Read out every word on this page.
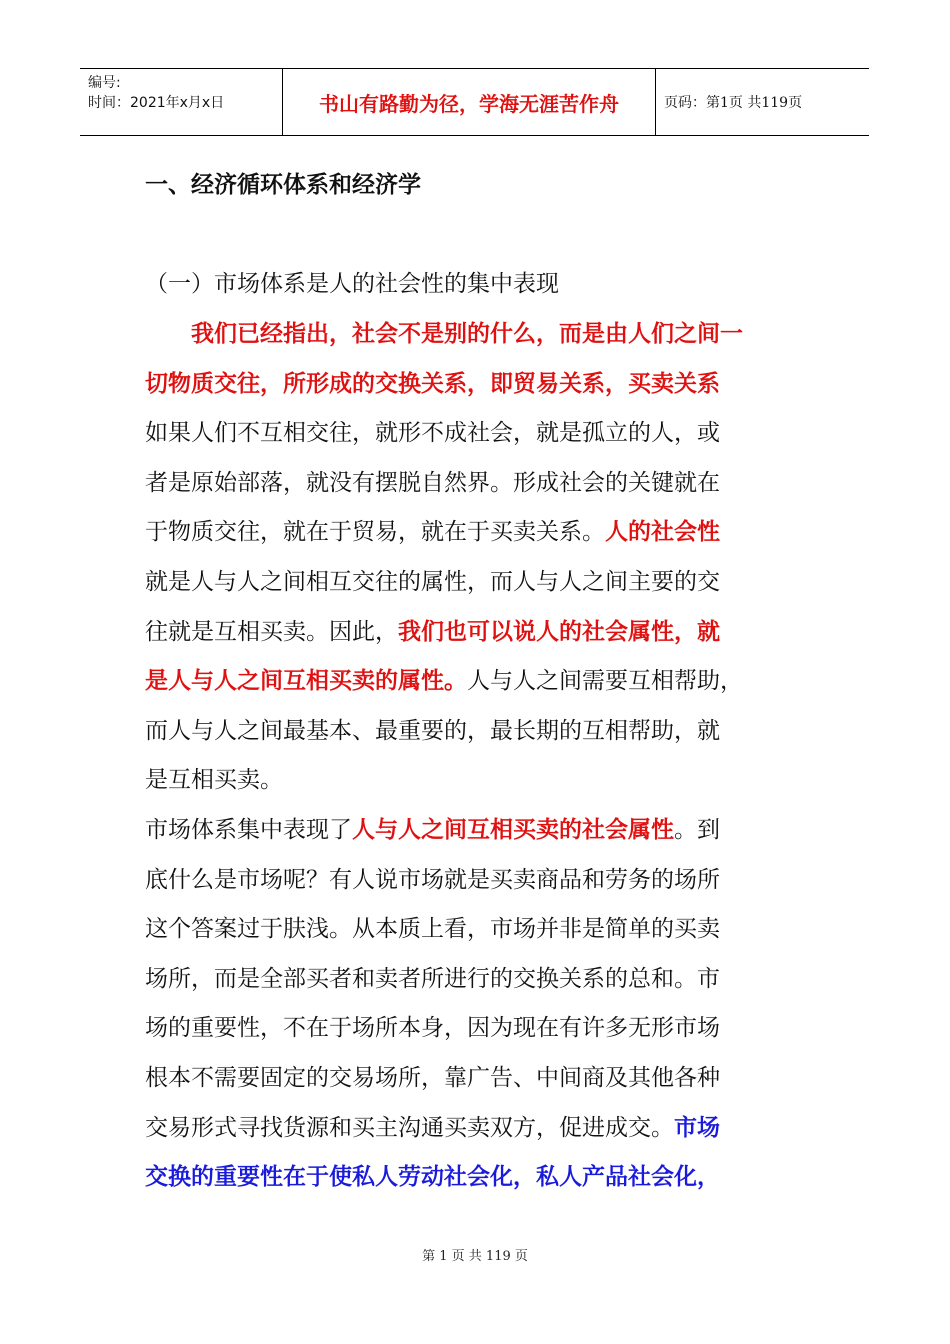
编号:
时间：2021年x月x日	书山有路勤为径，学海无涯苦作舟	页码：第1页 共119页
一、经济循环体系和经济学
（一）市场体系是人的社会性的集中表现
　　我们已经指出，社会不是别的什么，而是由人们之间一
切物质交往，所形成的交换关系，即贸易关系，买卖关系
如果人们不互相交往，就形不成社会，就是孤立的人，或
者是原始部落，就没有摆脱自然界。形成社会的关键就在
于物质交往，就在于贸易，就在于买卖关系。人的社会性
就是人与人之间相互交往的属性，而人与人之间主要的交
往就是互相买卖。因此，我们也可以说人的社会属性，就
是人与人之间互相买卖的属性。人与人之间需要互相帮助，
而人与人之间最基本、最重要的，最长期的互相帮助，就
是互相买卖。
市场体系集中表现了人与人之间互相买卖的社会属性。到
底什么是市场呢？有人说市场就是买卖商品和劳务的场所
这个答案过于肤浅。从本质上看，市场并非是简单的买卖
场所，而是全部买者和卖者所进行的交换关系的总和。市
场的重要性，不在于场所本身，因为现在有许多无形市场
根本不需要固定的交易场所，靠广告、中间商及其他各种
交易形式寻找货源和买主沟通买卖双方，促进成交。市场
交换的重要性在于使私人劳动社会化，私人产品社会化，
第 1 页 共 119 页
